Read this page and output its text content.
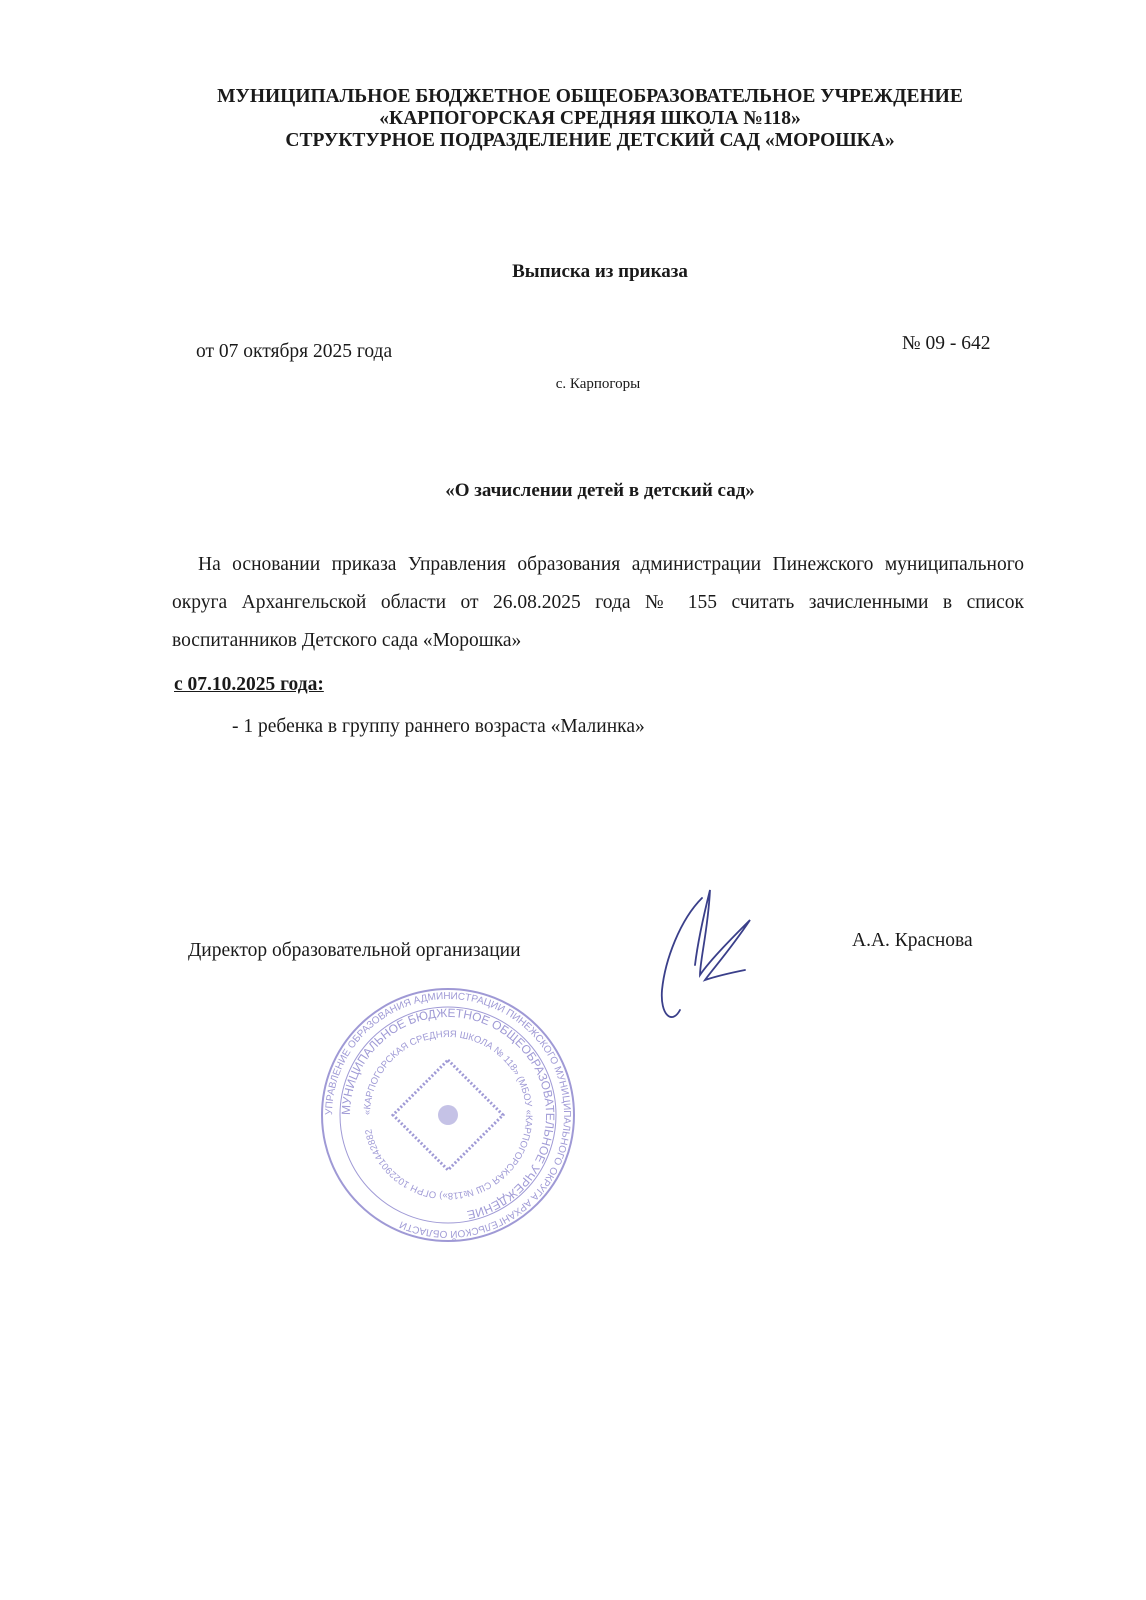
МУНИЦИПАЛЬНОЕ БЮДЖЕТНОЕ ОБЩЕОБРАЗОВАТЕЛЬНОЕ УЧРЕЖДЕНИЕ
«КАРПОГОРСКАЯ СРЕДНЯЯ ШКОЛА №118»
СТРУКТУРНОЕ ПОДРАЗДЕЛЕНИЕ ДЕТСКИЙ САД «МОРОШКА»
Выписка из приказа
от 07 октября 2025 года	№ 09 - 642
с. Карпогоры
«О зачислении детей в детский сад»
На основании приказа Управления образования администрации Пинежского муниципального округа Архангельской области от 26.08.2025 года № 155 считать зачисленными в список воспитанников Детского сада «Морошка»
с 07.10.2025 года:
- 1 ребенка в группу раннего возраста «Малинка»
УПРАВЛЕНИЕ ОБРАЗОВАНИЯ АДМИНИСТРАЦИИ ПИНЕЖСКОГО МУНИЦИПАЛЬНОГО ОКРУГА АРХАНГЕЛЬСКОЙ ОБЛАСТИ
МУНИЦИПАЛЬНОЕ БЮДЖЕТНОЕ ОБЩЕОБРАЗОВАТЕЛЬНОЕ УЧРЕЖДЕНИЕ
«КАРПОГОРСКАЯ СРЕДНЯЯ ШКОЛА № 118» (МБОУ «КАРПОГОРСКАЯ СШ №118») ОГРН 1022901442882
Директор образовательной организации	А.А. Краснова
